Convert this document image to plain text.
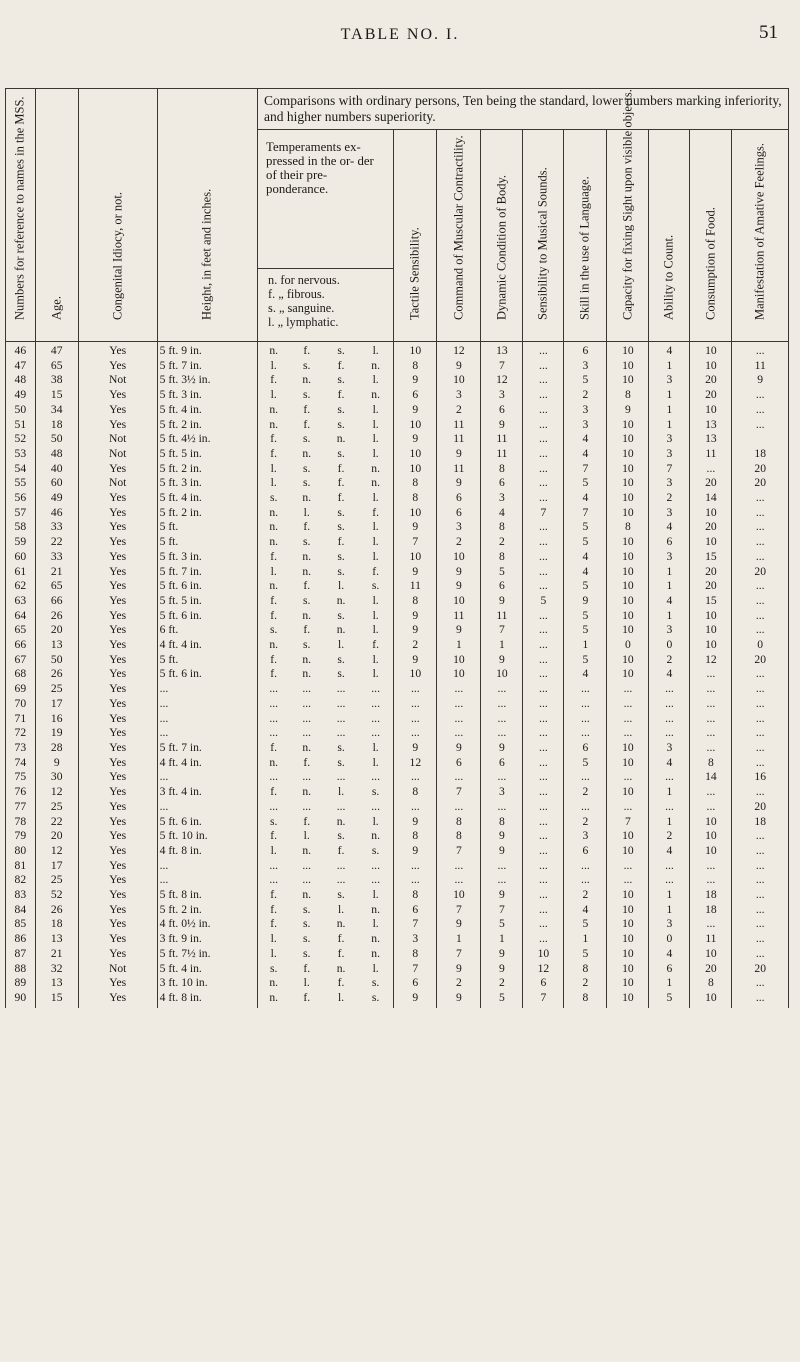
TABLE NO. I.	51
Numbers for reference to names in the MSS.	Age.	Congenital Idiocy, or not.	Height, in feet and inches.	Comparisons with ordinary persons, Ten being the standard, lower numbers marking inferiority, and higher numbers superiority.												
				Temperaments ex- pressed in the or- der of their pre- ponderance.				Tactile Sensibility.	Command of Muscular Contractility.	Dynamic Condition of Body.	Sensibility to Musical Sounds.	Skill in the use of Language.	Capacity for fixing Sight upon visible objects.	Ability to Count.	Consumption of Food.	Manifestation of Amative Feelings.

				n. for nervous.
f. „ fibrous.
s. „ sanguine.
l. „ lymphatic.												

46	47	Yes	5 ft. 9 in.	n.	f.	s.	l.	10	12	13	...	6	10	4	10	...
47	65	Yes	5 ft. 7 in.	l.	s.	f.	n.	8	9	7	...	3	10	1	10	11
48	38	Not	5 ft. 3½ in.	f.	n.	s.	l.	9	10	12	...	5	10	3	20	9
49	15	Yes	5 ft. 3 in.	l.	s.	f.	n.	6	3	3	...	2	8	1	20	...
50	34	Yes	5 ft. 4 in.	n.	f.	s.	l.	9	2	6	...	3	9	1	10	...
51	18	Yes	5 ft. 2 in.	n.	f.	s.	l.	10	11	9	...	3	10	1	13	...
52	50	Not	5 ft. 4½ in.	f.	s.	n.	l.	9	11	11	...	4	10	3	13	
53	48	Not	5 ft. 5 in.	f.	n.	s.	l.	10	9	11	...	4	10	3	11	18
54	40	Yes	5 ft. 2 in.	l.	s.	f.	n.	10	11	8	...	7	10	7	...	20
55	60	Not	5 ft. 3 in.	l.	s.	f.	n.	8	9	6	...	5	10	3	20	20
56	49	Yes	5 ft. 4 in.	s.	n.	f.	l.	8	6	3	...	4	10	2	14	...
57	46	Yes	5 ft. 2 in.	n.	l.	s.	f.	10	6	4	7	7	10	3	10	...
58	33	Yes	5 ft.	n.	f.	s.	l.	9	3	8	...	5	8	4	20	...
59	22	Yes	5 ft.	n.	s.	f.	l.	7	2	2	...	5	10	6	10	...
60	33	Yes	5 ft. 3 in.	f.	n.	s.	l.	10	10	8	...	4	10	3	15	...
61	21	Yes	5 ft. 7 in.	l.	n.	s.	f.	9	9	5	...	4	10	1	20	20
62	65	Yes	5 ft. 6 in.	n.	f.	l.	s.	11	9	6	...	5	10	1	20	...
63	66	Yes	5 ft. 5 in.	f.	s.	n.	l.	8	10	9	5	9	10	4	15	...
64	26	Yes	5 ft. 6 in.	f.	n.	s.	l.	9	11	11	...	5	10	1	10	...
65	20	Yes	6 ft.	s.	f.	n.	l.	9	9	7	...	5	10	3	10	...
66	13	Yes	4 ft. 4 in.	n.	s.	l.	f.	2	1	1	...	1	0	0	10	0
67	50	Yes	5 ft.	f.	n.	s.	l.	9	10	9	...	5	10	2	12	20
68	26	Yes	5 ft. 6 in.	f.	n.	s.	l.	10	10	10	...	4	10	4	...	...
69	25	Yes	...	...	...	...	...	...	...	...	...	...	...	...	...	...
70	17	Yes	...	...	...	...	...	...	...	...	...	...	...	...	...	...
71	16	Yes	...	...	...	...	...	...	...	...	...	...	...	...	...	...
72	19	Yes	...	...	...	...	...	...	...	...	...	...	...	...	...	...
73	28	Yes	5 ft. 7 in.	f.	n.	s.	l.	9	9	9	...	6	10	3	...	...
74	9	Yes	4 ft. 4 in.	n.	f.	s.	l.	12	6	6	...	5	10	4	8	...
75	30	Yes	...	...	...	...	...	...	...	...	...	...	...	...	14	16
76	12	Yes	3 ft. 4 in.	f.	n.	l.	s.	8	7	3	...	2	10	1	...	...
77	25	Yes	...	...	...	...	...	...	...	...	...	...	...	...	...	20
78	22	Yes	5 ft. 6 in.	s.	f.	n.	l.	9	8	8	...	2	7	1	10	18
79	20	Yes	5 ft. 10 in.	f.	l.	s.	n.	8	8	9	...	3	10	2	10	...
80	12	Yes	4 ft. 8 in.	l.	n.	f.	s.	9	7	9	...	6	10	4	10	...
81	17	Yes	...	...	...	...	...	...	...	...	...	...	...	...	...	...
82	25	Yes	...	...	...	...	...	...	...	...	...	...	...	...	...	...
83	52	Yes	5 ft. 8 in.	f.	n.	s.	l.	8	10	9	...	2	10	1	18	...
84	26	Yes	5 ft. 2 in.	f.	s.	l.	n.	6	7	7	...	4	10	1	18	...
85	18	Yes	4 ft. 0½ in.	f.	s.	n.	l.	7	9	5	...	5	10	3	...	...
86	13	Yes	3 ft. 9 in.	l.	s.	f.	n.	3	1	1	...	1	10	0	11	...
87	21	Yes	5 ft. 7½ in.	l.	s.	f.	n.	8	7	9	10	5	10	4	10	...
88	32	Not	5 ft. 4 in.	s.	f.	n.	l.	7	9	9	12	8	10	6	20	20
89	13	Yes	3 ft. 10 in.	n.	l.	f.	s.	6	2	2	6	2	10	1	8	...
90	15	Yes	4 ft. 8 in.	n.	f.	l.	s.	9	9	5	7	8	10	5	10	...
